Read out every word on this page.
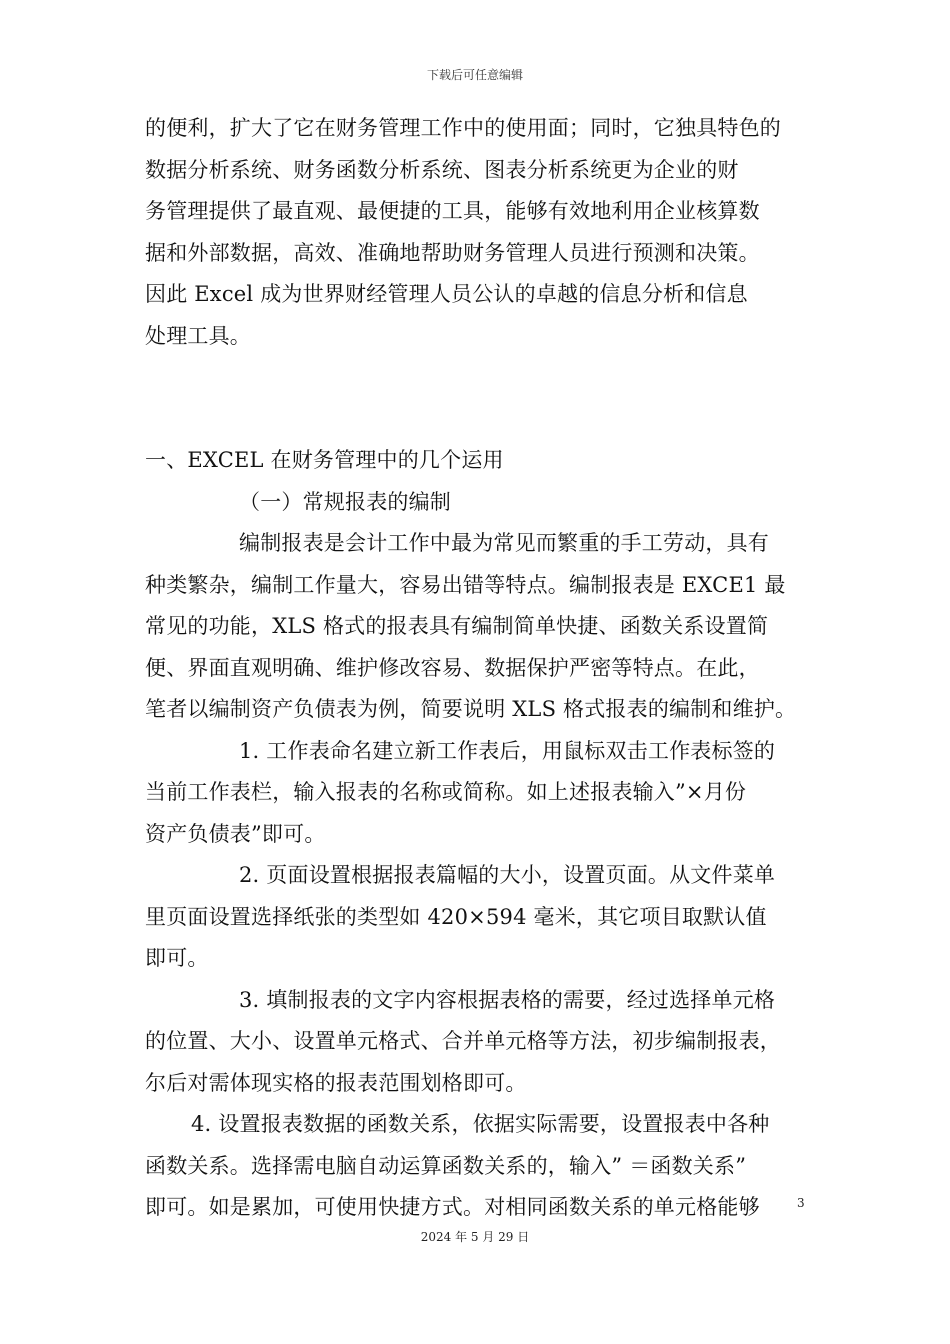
下载后可任意编辑
的便利，扩大了它在财务管理工作中的使用面；同时，它独具特色的
数据分析系统、财务函数分析系统、图表分析系统更为企业的财
务管理提供了最直观、最便捷的工具，能够有效地利用企业核算数
据和外部数据，高效、准确地帮助财务管理人员进行预测和决策。
因此 Excel 成为世界财经管理人员公认的卓越的信息分析和信息
处理工具。
一、EXCEL 在财务管理中的几个运用
（一）常规报表的编制
编制报表是会计工作中最为常见而繁重的手工劳动，具有
种类繁杂，编制工作量大，容易出错等特点。编制报表是 EXCE1 最
常见的功能，XLS 格式的报表具有编制简单快捷、函数关系设置简
便、界面直观明确、维护修改容易、数据保护严密等特点。在此，
笔者以编制资产负债表为例，简要说明 XLS 格式报表的编制和维护。
1. 工作表命名建立新工作表后，用鼠标双击工作表标签的
当前工作表栏，输入报表的名称或简称。如上述报表输入”×月份
资产负债表”即可。
2. 页面设置根据报表篇幅的大小，设置页面。从文件菜单
里页面设置选择纸张的类型如 420×594 毫米，其它项目取默认值
即可。
3. 填制报表的文字内容根据表格的需要，经过选择单元格
的位置、大小、设置单元格式、合并单元格等方法，初步编制报表，
尔后对需体现实格的报表范围划格即可。
4. 设置报表数据的函数关系，依据实际需要，设置报表中各种
函数关系。选择需电脑自动运算函数关系的，输入” ＝函数关系”
即可。如是累加，可使用快捷方式。对相同函数关系的单元格能够	3
2024 年 5 月 29 日
